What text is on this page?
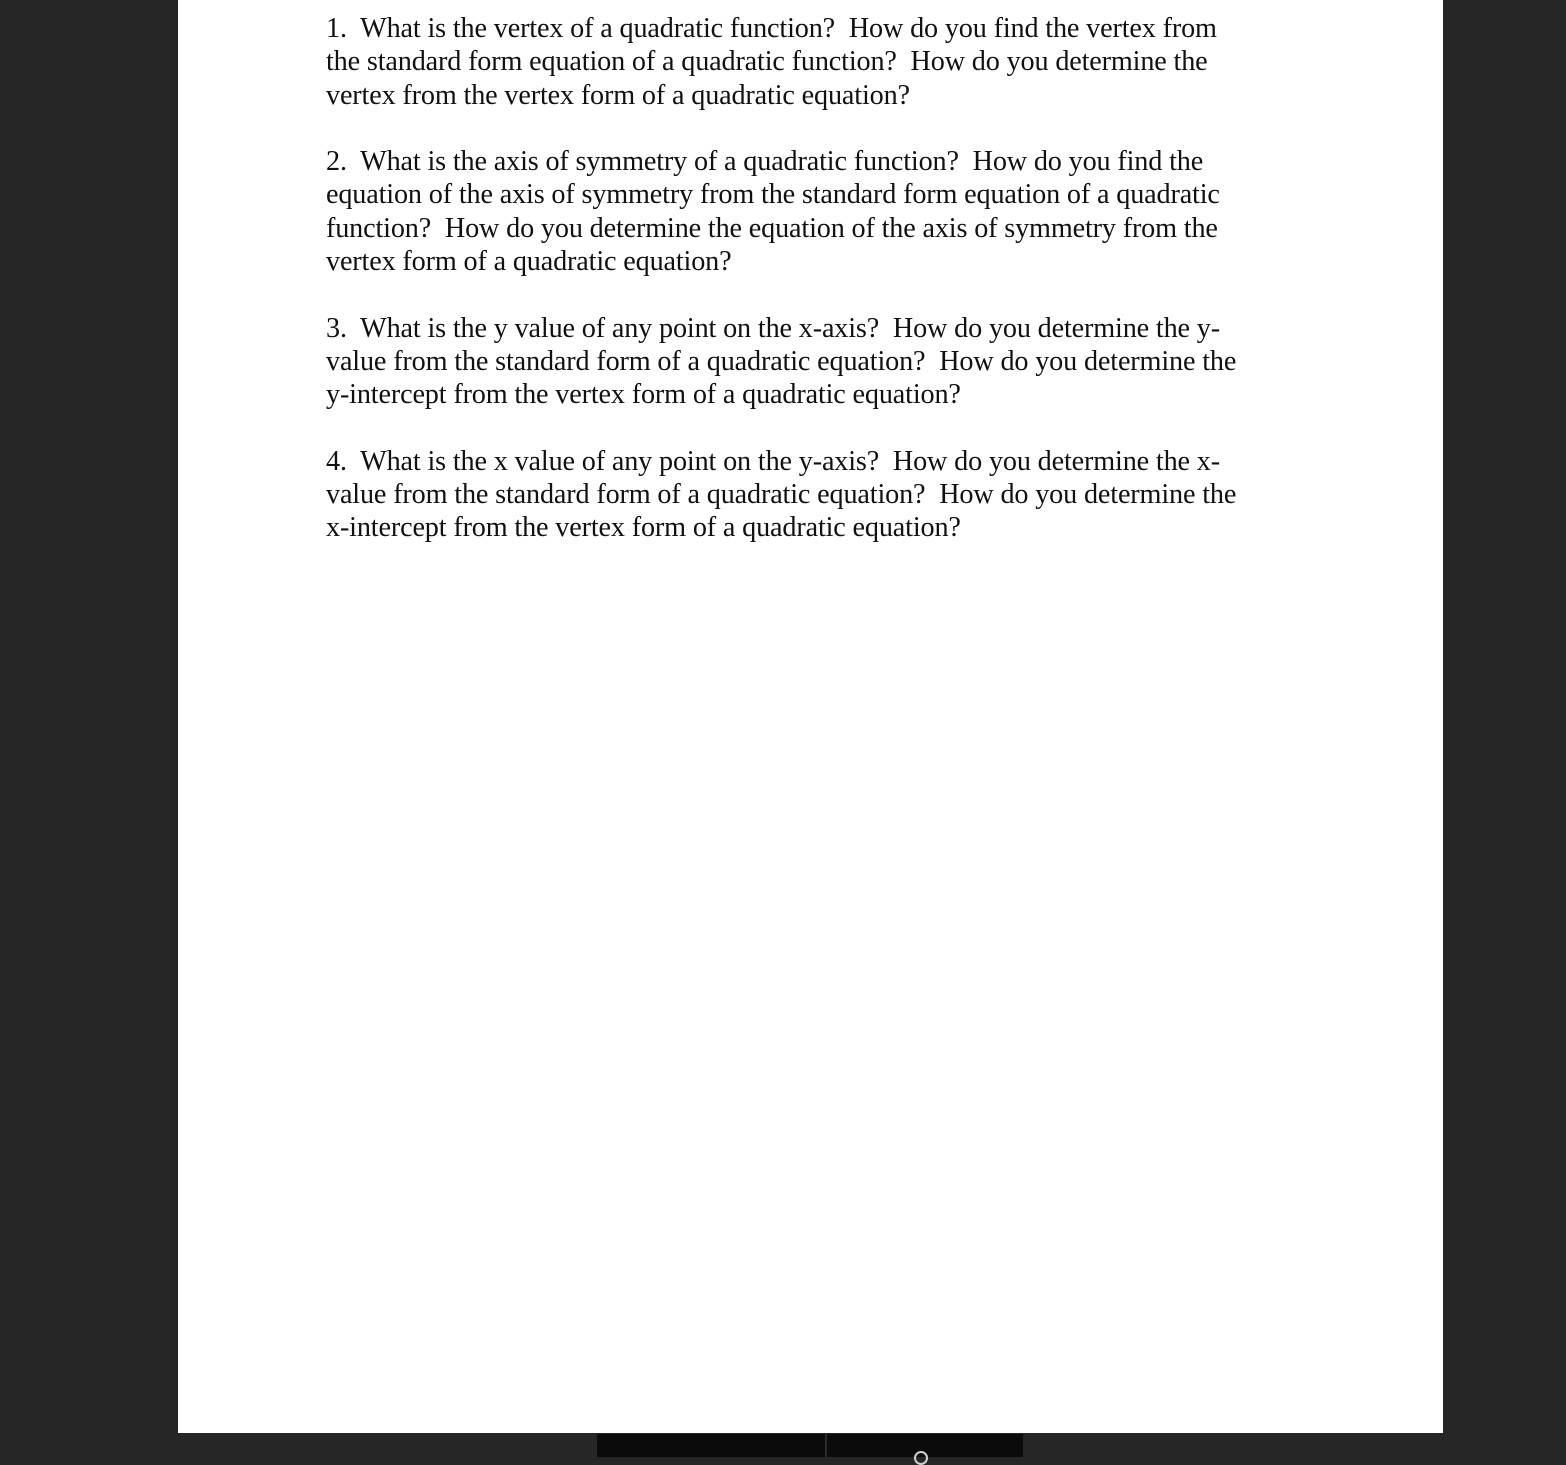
1. What is the vertex of a quadratic function?  How do you find the vertex from
the standard form equation of a quadratic function?  How do you determine the
vertex from the vertex form of a quadratic equation?
2. What is the axis of symmetry of a quadratic function?  How do you find the
equation of the axis of symmetry from the standard form equation of a quadratic
function?  How do you determine the equation of the axis of symmetry from the
vertex form of a quadratic equation?
3. What is the y value of any point on the x-axis?  How do you determine the y-
value from the standard form of a quadratic equation?  How do you determine the
y-intercept from the vertex form of a quadratic equation?
4. What is the x value of any point on the y-axis?  How do you determine the x-
value from the standard form of a quadratic equation?  How do you determine the
x-intercept from the vertex form of a quadratic equation?
